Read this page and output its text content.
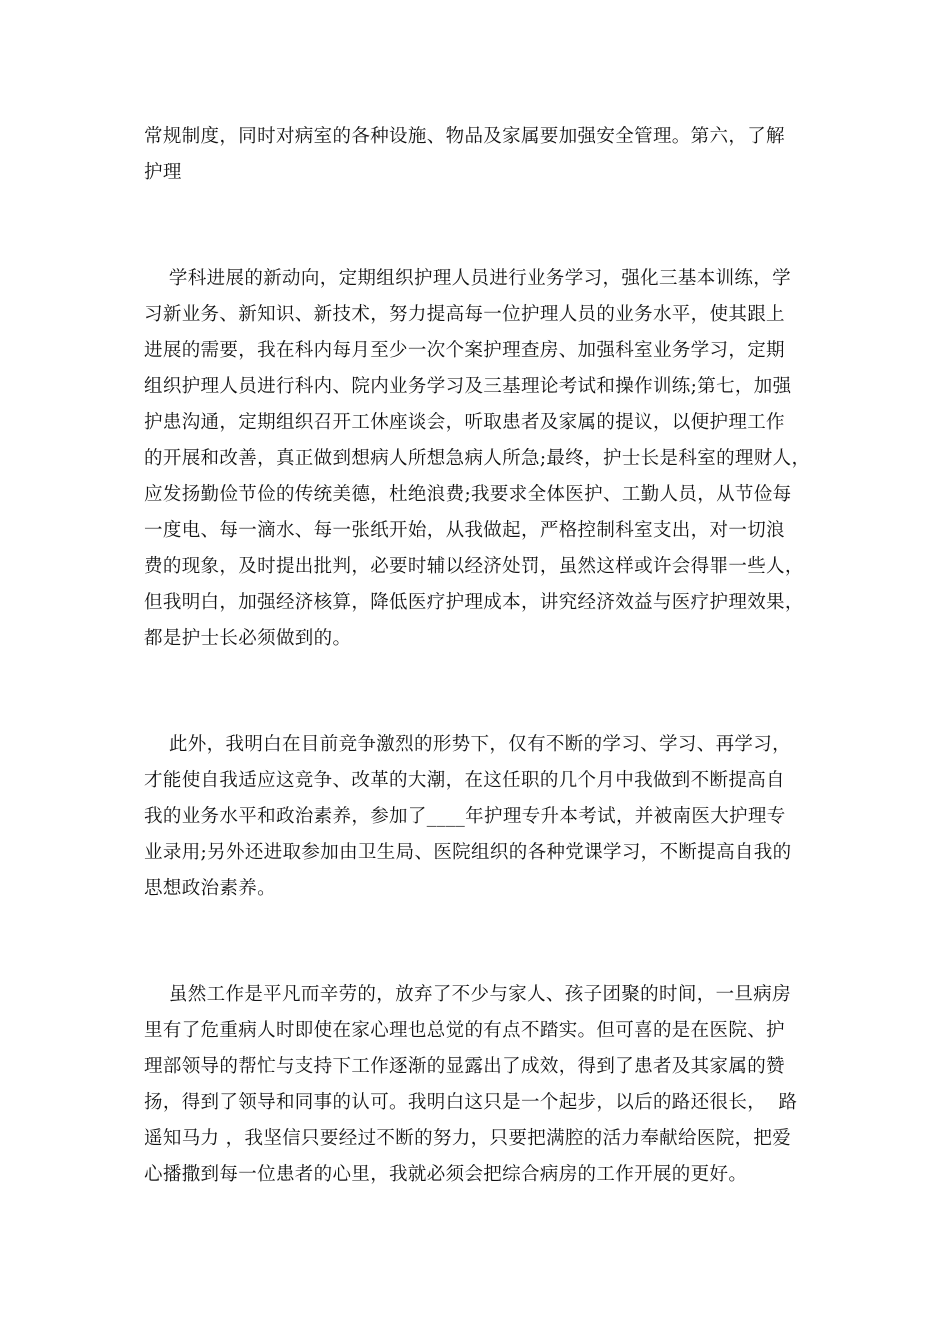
常规制度，同时对病室的各种设施、物品及家属要加强安全管理。第六，了解
护理
学科进展的新动向，定期组织护理人员进行业务学习，强化三基本训练，学
习新业务、新知识、新技术，努力提高每一位护理人员的业务水平，使其跟上
进展的需要，我在科内每月至少一次个案护理查房、加强科室业务学习，定期
组织护理人员进行科内、院内业务学习及三基理论考试和操作训练;第七，加强
护患沟通，定期组织召开工休座谈会，听取患者及家属的提议，以便护理工作
的开展和改善，真正做到想病人所想急病人所急;最终，护士长是科室的理财人，
应发扬勤俭节俭的传统美德，杜绝浪费;我要求全体医护、工勤人员，从节俭每
一度电、每一滴水、每一张纸开始，从我做起，严格控制科室支出，对一切浪
费的现象，及时提出批判，必要时辅以经济处罚，虽然这样或许会得罪一些人，
但我明白，加强经济核算，降低医疗护理成本，讲究经济效益与医疗护理效果，
都是护士长必须做到的。
此外，我明白在目前竞争激烈的形势下，仅有不断的学习、学习、再学习，
才能使自我适应这竞争、改革的大潮，在这任职的几个月中我做到不断提高自
我的业务水平和政治素养，参加了____年护理专升本考试，并被南医大护理专
业录用;另外还进取参加由卫生局、医院组织的各种党课学习，不断提高自我的
思想政治素养。
虽然工作是平凡而辛劳的，放弃了不少与家人、孩子团聚的时间，一旦病房
里有了危重病人时即使在家心理也总觉的有点不踏实。但可喜的是在医院、护
理部领导的帮忙与支持下工作逐渐的显露出了成效，得到了患者及其家属的赞
扬，得到了领导和同事的认可。我明白这只是一个起步，以后的路还很长，  路
遥知马力 ，我坚信只要经过不断的努力，只要把满腔的活力奉献给医院，把爱
心播撒到每一位患者的心里，我就必须会把综合病房的工作开展的更好。
